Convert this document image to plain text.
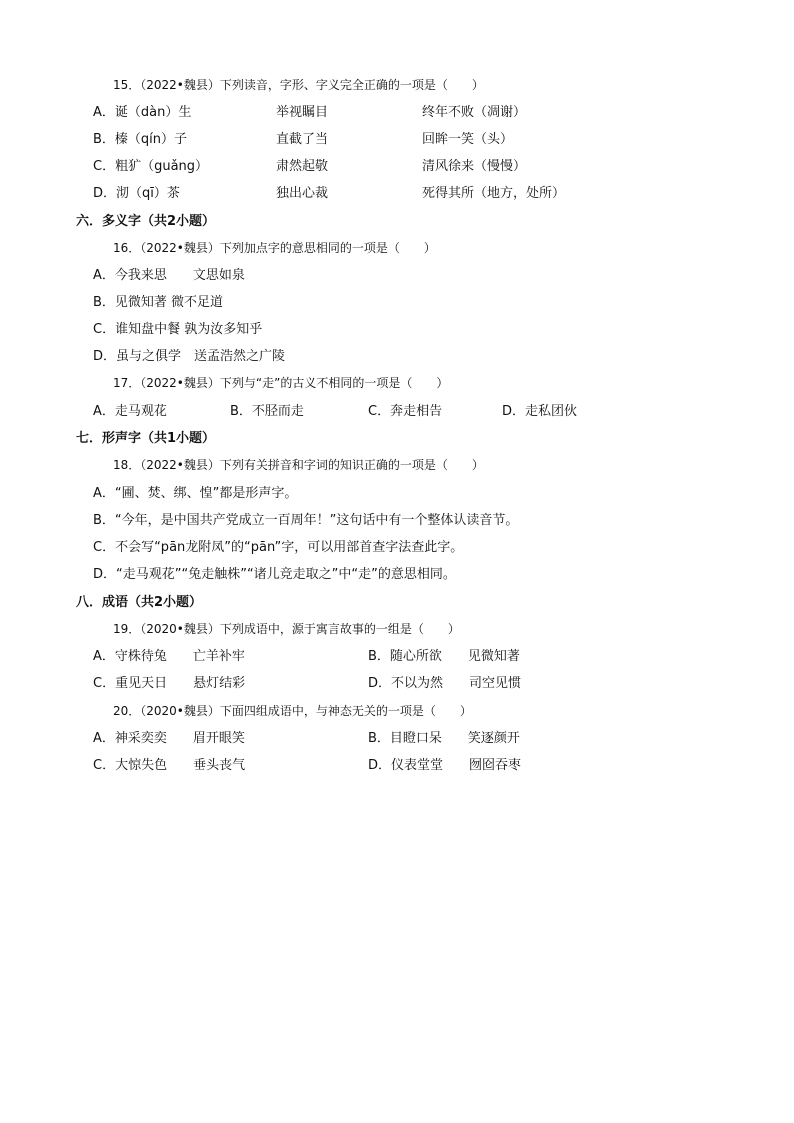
15．（2022•魏县）下列读音，字形、字义完全正确的一项是（　　）
A．诞（dàn）生	举视瞩目	终年不败（凋谢）
B．榛（qín）子	直截了当	回眸一笑（头）
C．粗犷（guǎng）	肃然起敬	清风徐来（慢慢）
D．沏（qī）茶	独出心裁	死得其所（地方，处所）
六．多义字（共2小题）
16．（2022•魏县）下列加点字的意思相同的一项是（　　）
A．今我来思　　文思如泉
B．见微知著 微不足道
C．谁知盘中餐 孰为汝多知乎
D．虽与之俱学　送孟浩然之广陵
17．（2022•魏县）下列与“走”的古义不相同的一项是（　　）
A．走马观花	B．不胫而走	C．奔走相告	D．走私团伙
七．形声字（共1小题）
18．（2022•魏县）下列有关拼音和字词的知识正确的一项是（　　）
A．“圃、焚、绑、惶”都是形声字。
B．“今年，是中国共产党成立一百周年！”这句话中有一个整体认读音节。
C．不会写“pān龙附凤”的“pān”字，可以用部首查字法查此字。
D．“走马观花”“兔走触株”“诸儿竞走取之”中“走”的意思相同。
八．成语（共2小题）
19．（2020•魏县）下列成语中，源于寓言故事的一组是（　　）
A．守株待兔　　亡羊补牢	B．随心所欲　　见微知著
C．重见天日　　悬灯结彩	D．不以为然　　司空见惯
20．（2020•魏县）下面四组成语中，与神态无关的一项是（　　）
A．神采奕奕　　眉开眼笑	B．目瞪口呆　　笑逐颜开
C．大惊失色　　垂头丧气	D．仪表堂堂　　囫囵吞枣
